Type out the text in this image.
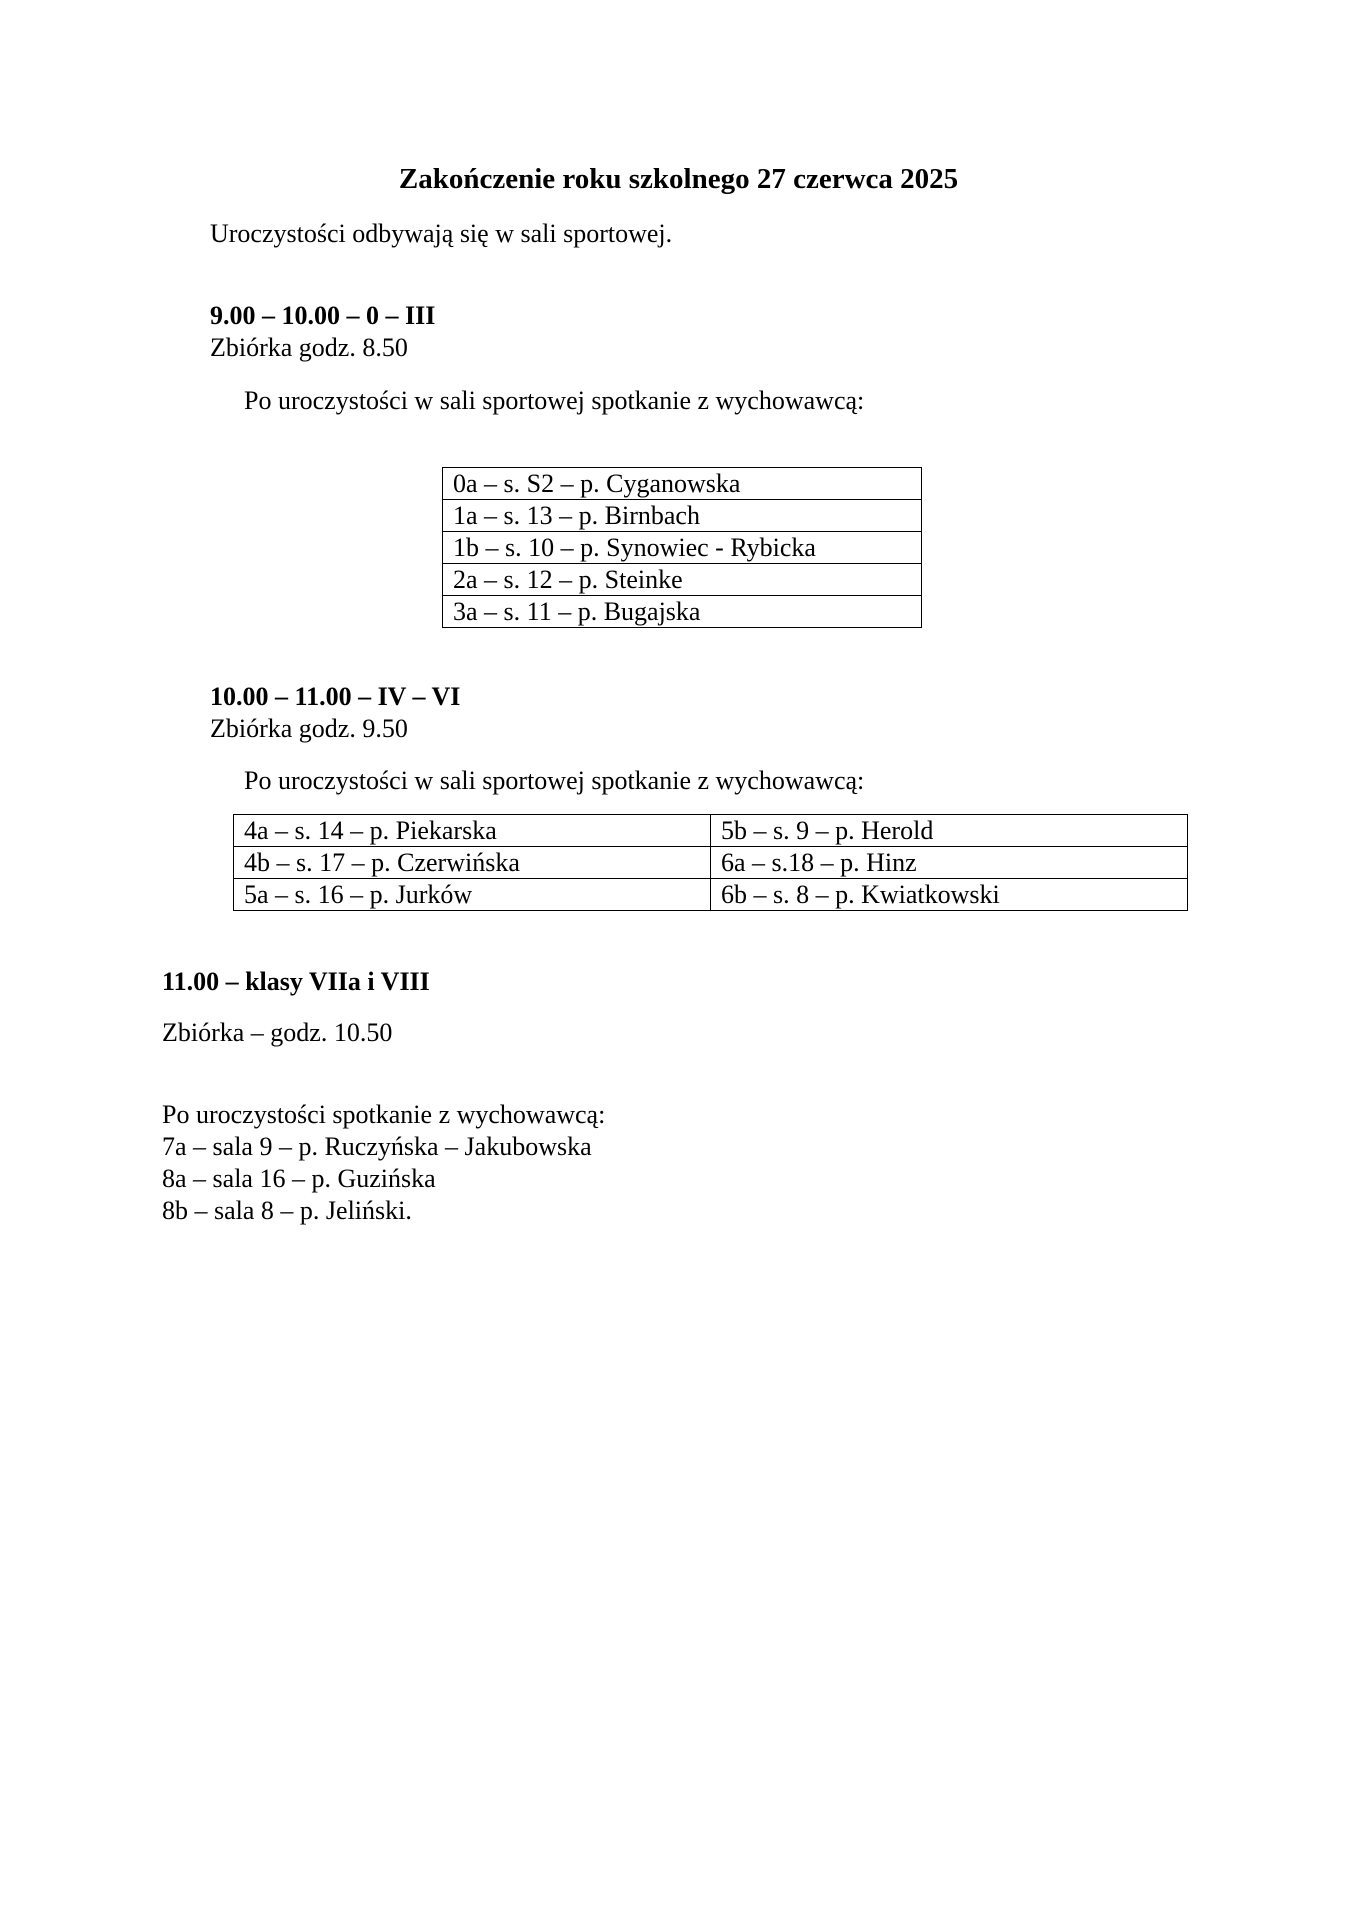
Zakończenie roku szkolnego 27 czerwca 2025
Uroczystości odbywają się w sali sportowej.
9.00 – 10.00 – 0 – III
Zbiórka godz. 8.50
Po uroczystości w sali sportowej spotkanie z wychowawcą:
0a – s. S2 – p. Cyganowska
1a – s. 13 – p. Birnbach
1b – s. 10 – p. Synowiec - Rybicka
2a – s. 12 – p. Steinke
3a – s. 11 – p. Bugajska
10.00 – 11.00 – IV – VI
Zbiórka godz. 9.50
Po uroczystości w sali sportowej spotkanie z wychowawcą:
4a – s. 14 – p. Piekarska	5b – s. 9 – p. Herold
4b – s. 17 – p. Czerwińska	6a – s.18 – p. Hinz
5a – s. 16 – p. Jurków	6b – s. 8 – p. Kwiatkowski
11.00 – klasy VIIa i VIII
Zbiórka – godz. 10.50
Po uroczystości spotkanie z wychowawcą:
7a – sala 9 – p. Ruczyńska – Jakubowska
8a – sala 16 – p. Guzińska
8b – sala 8 – p. Jeliński.
